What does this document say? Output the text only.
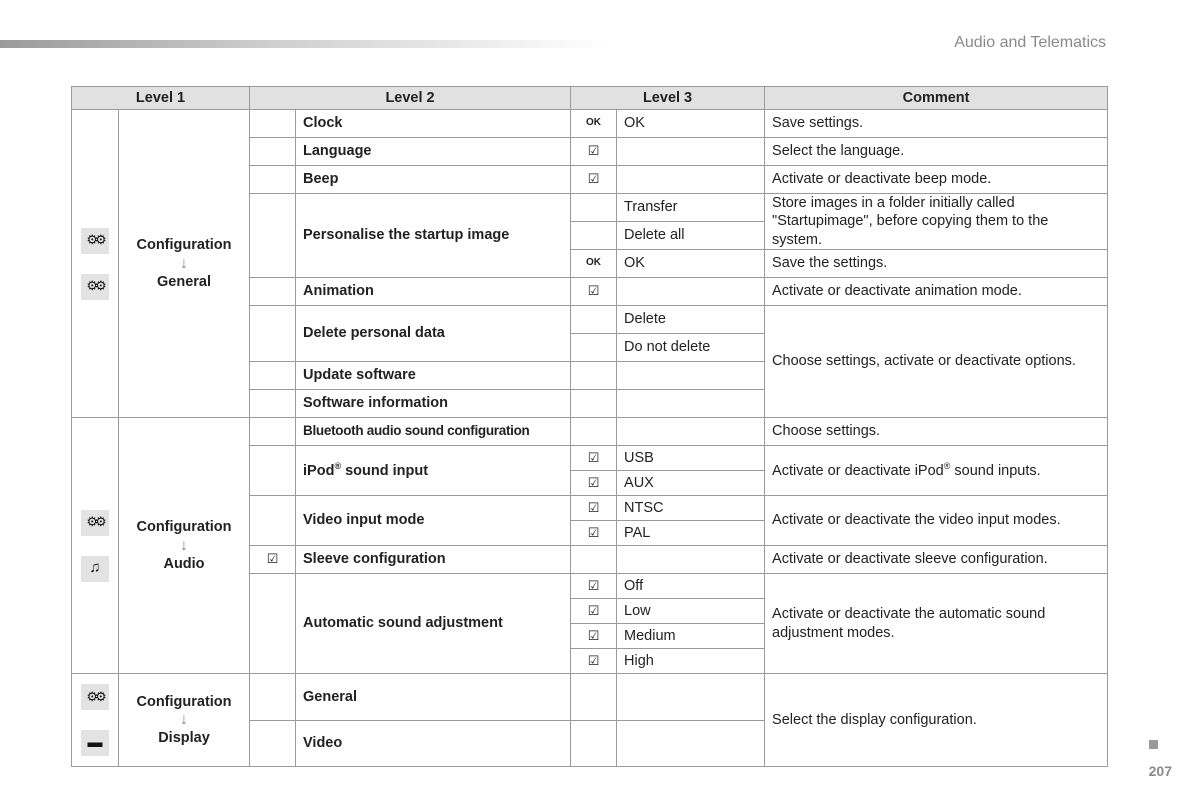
Audio and Telematics
Level 1		Level 2		Level 3		Comment
⚙⚙
⚙⚙	Configuration
↓
General		Clock	OK	OK	Save settings.
			Language	☑		Select the language.
			Beep	☑		Activate or deactivate beep mode.
			Personalise the startup image		Transfer	Store images in a folder initially called "Startupimage", before copying them to the system.
					Delete all	
				OK	OK	Save the settings.
			Animation	☑		Activate or deactivate animation mode.
			Delete personal data		Delete	Choose settings, activate or deactivate options.
					Do not delete	
			Update software			
			Software information			
⚙⚙
♫	Configuration
↓
Audio		Bluetooth audio sound configuration			Choose settings.
			iPod® sound input	☑	USB	Activate or deactivate iPod® sound inputs.
				☑	AUX	
			Video input mode	☑	NTSC	Activate or deactivate the video input modes.
				☑	PAL	
		☑	Sleeve configuration			Activate or deactivate sleeve configuration.
			Automatic sound adjustment	☑	Off	Activate or deactivate the automatic sound adjustment modes.
				☑	Low	
				☑	Medium	
				☑	High	
⚙⚙
▬	Configuration
↓
Display		General			Select the display configuration.
			Video			
207
